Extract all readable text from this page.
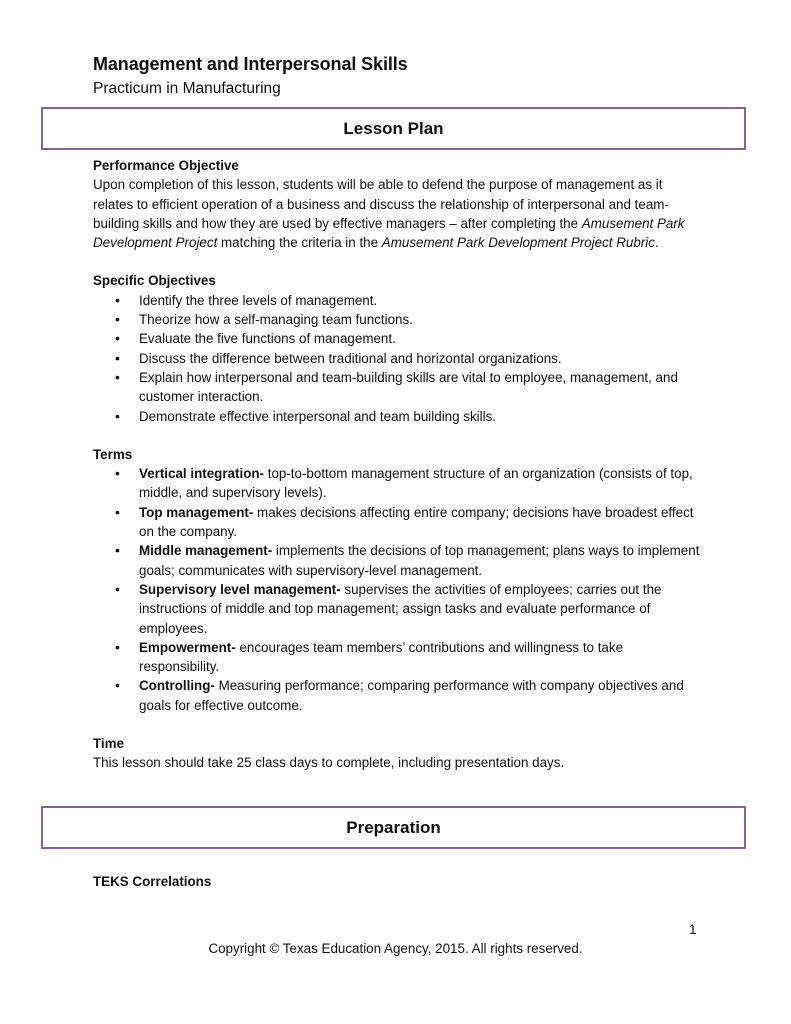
Management and Interpersonal Skills
Practicum in Manufacturing
Lesson Plan

Performance Objective

Upon completion of this lesson, students will be able to defend the purpose of management as it relates to efficient operation of a business and discuss the relationship of interpersonal and team-building skills and how they are used by effective managers – after completing the Amusement Park Development Project matching the criteria in the Amusement Park Development Project Rubric.

Specific Objectives

• Identify the three levels of management.
• Theorize how a self-managing team functions.
• Evaluate the five functions of management.
• Discuss the difference between traditional and horizontal organizations.
• Explain how interpersonal and team-building skills are vital to employee, management, and customer interaction.
• Demonstrate effective interpersonal and team building skills.

Terms

• Vertical integration- top-to-bottom management structure of an organization (consists of top, middle, and supervisory levels).
• Top management- makes decisions affecting entire company; decisions have broadest effect on the company.
• Middle management- implements the decisions of top management; plans ways to implement goals; communicates with supervisory-level management.
• Supervisory level management- supervises the activities of employees; carries out the instructions of middle and top management; assign tasks and evaluate performance of employees.
• Empowerment- encourages team members’ contributions and willingness to take responsibility.
• Controlling- Measuring performance; comparing performance with company objectives and goals for effective outcome.

Time

This lesson should take 25 class days to complete, including presentation days.

Preparation
TEKS Correlations
1
Copyright © Texas Education Agency, 2015. All rights reserved.
